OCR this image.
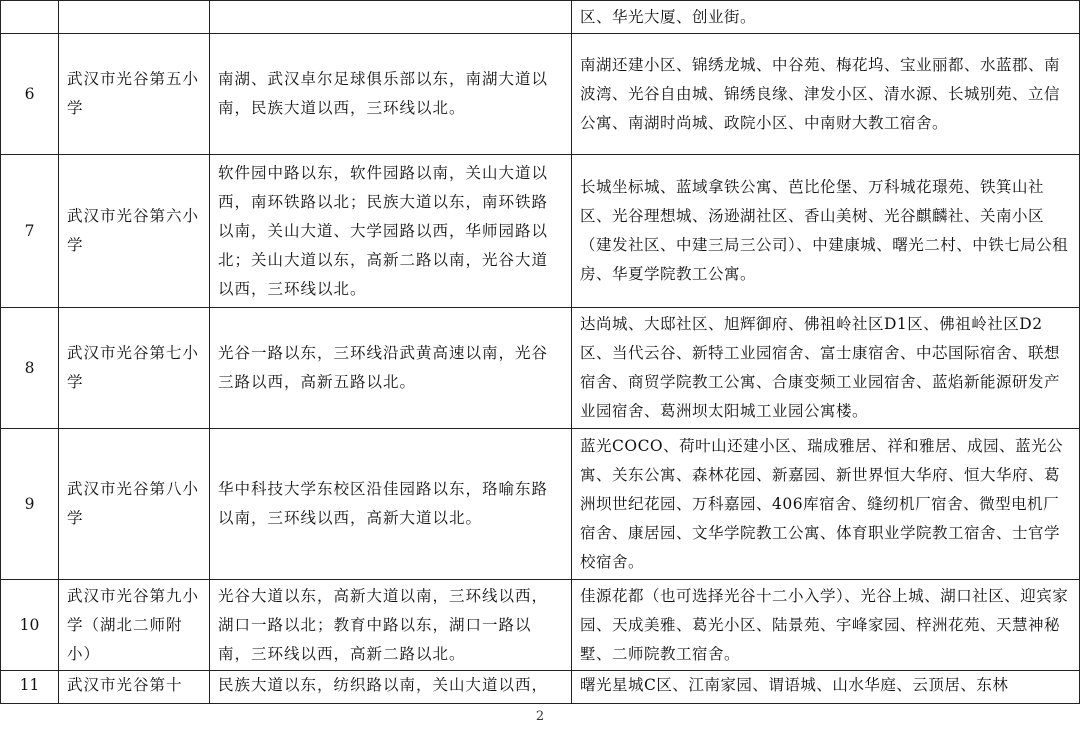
			区、华光大厦、创业街。
6	武汉市光谷第五小学	南湖、武汉卓尔足球俱乐部以东，南湖大道以南，民族大道以西，三环线以北。	南湖还建小区、锦绣龙城、中谷苑、梅花坞、宝业丽都、水蓝郡、南波湾、光谷自由城、锦绣良缘、津发小区、清水源、长城别苑、立信公寓、南湖时尚城、政院小区、中南财大教工宿舍。
7	武汉市光谷第六小学	软件园中路以东，软件园路以南，关山大道以西，南环铁路以北；民族大道以东，南环铁路以南，关山大道、大学园路以西，华师园路以北；关山大道以东，高新二路以南，光谷大道以西，三环线以北。	长城坐标城、蓝域拿铁公寓、芭比伦堡、万科城花璟苑、铁箕山社区、光谷理想城、汤逊湖社区、香山美树、光谷麒麟社、关南小区（建发社区、中建三局三公司）、中建康城、曙光二村、中铁七局公租房、华夏学院教工公寓。
8	武汉市光谷第七小学	光谷一路以东，三环线沿武黄高速以南，光谷三路以西，高新五路以北。	达尚城、大邸社区、旭辉御府、佛祖岭社区D1区、佛祖岭社区D2区、当代云谷、新特工业园宿舍、富士康宿舍、中芯国际宿舍、联想宿舍、商贸学院教工公寓、合康变频工业园宿舍、蓝焰新能源研发产业园宿舍、葛洲坝太阳城工业园公寓楼。
9	武汉市光谷第八小学	华中科技大学东校区沿佳园路以东，珞喻东路以南，三环线以西，高新大道以北。	蓝光COCO、荷叶山还建小区、瑞成雅居、祥和雅居、成园、蓝光公寓、关东公寓、森林花园、新嘉园、新世界恒大华府、恒大华府、葛洲坝世纪花园、万科嘉园、406库宿舍、缝纫机厂宿舍、微型电机厂宿舍、康居园、文华学院教工公寓、体育职业学院教工宿舍、士官学校宿舍。
10	武汉市光谷第九小学（湖北二师附小）	光谷大道以东，高新大道以南，三环线以西，湖口一路以北；教育中路以东，湖口一路以南，三环线以西，高新二路以北。	佳源花都（也可选择光谷十二小入学）、光谷上城、湖口社区、迎宾家园、天成美雅、葛光小区、陆景苑、宇峰家园、梓洲花苑、天慧神秘墅、二师院教工宿舍。
11	武汉市光谷第十	民族大道以东，纺织路以南，关山大道以西，	曙光星城C区、江南家园、谓语城、山水华庭、云顶居、东林
2
